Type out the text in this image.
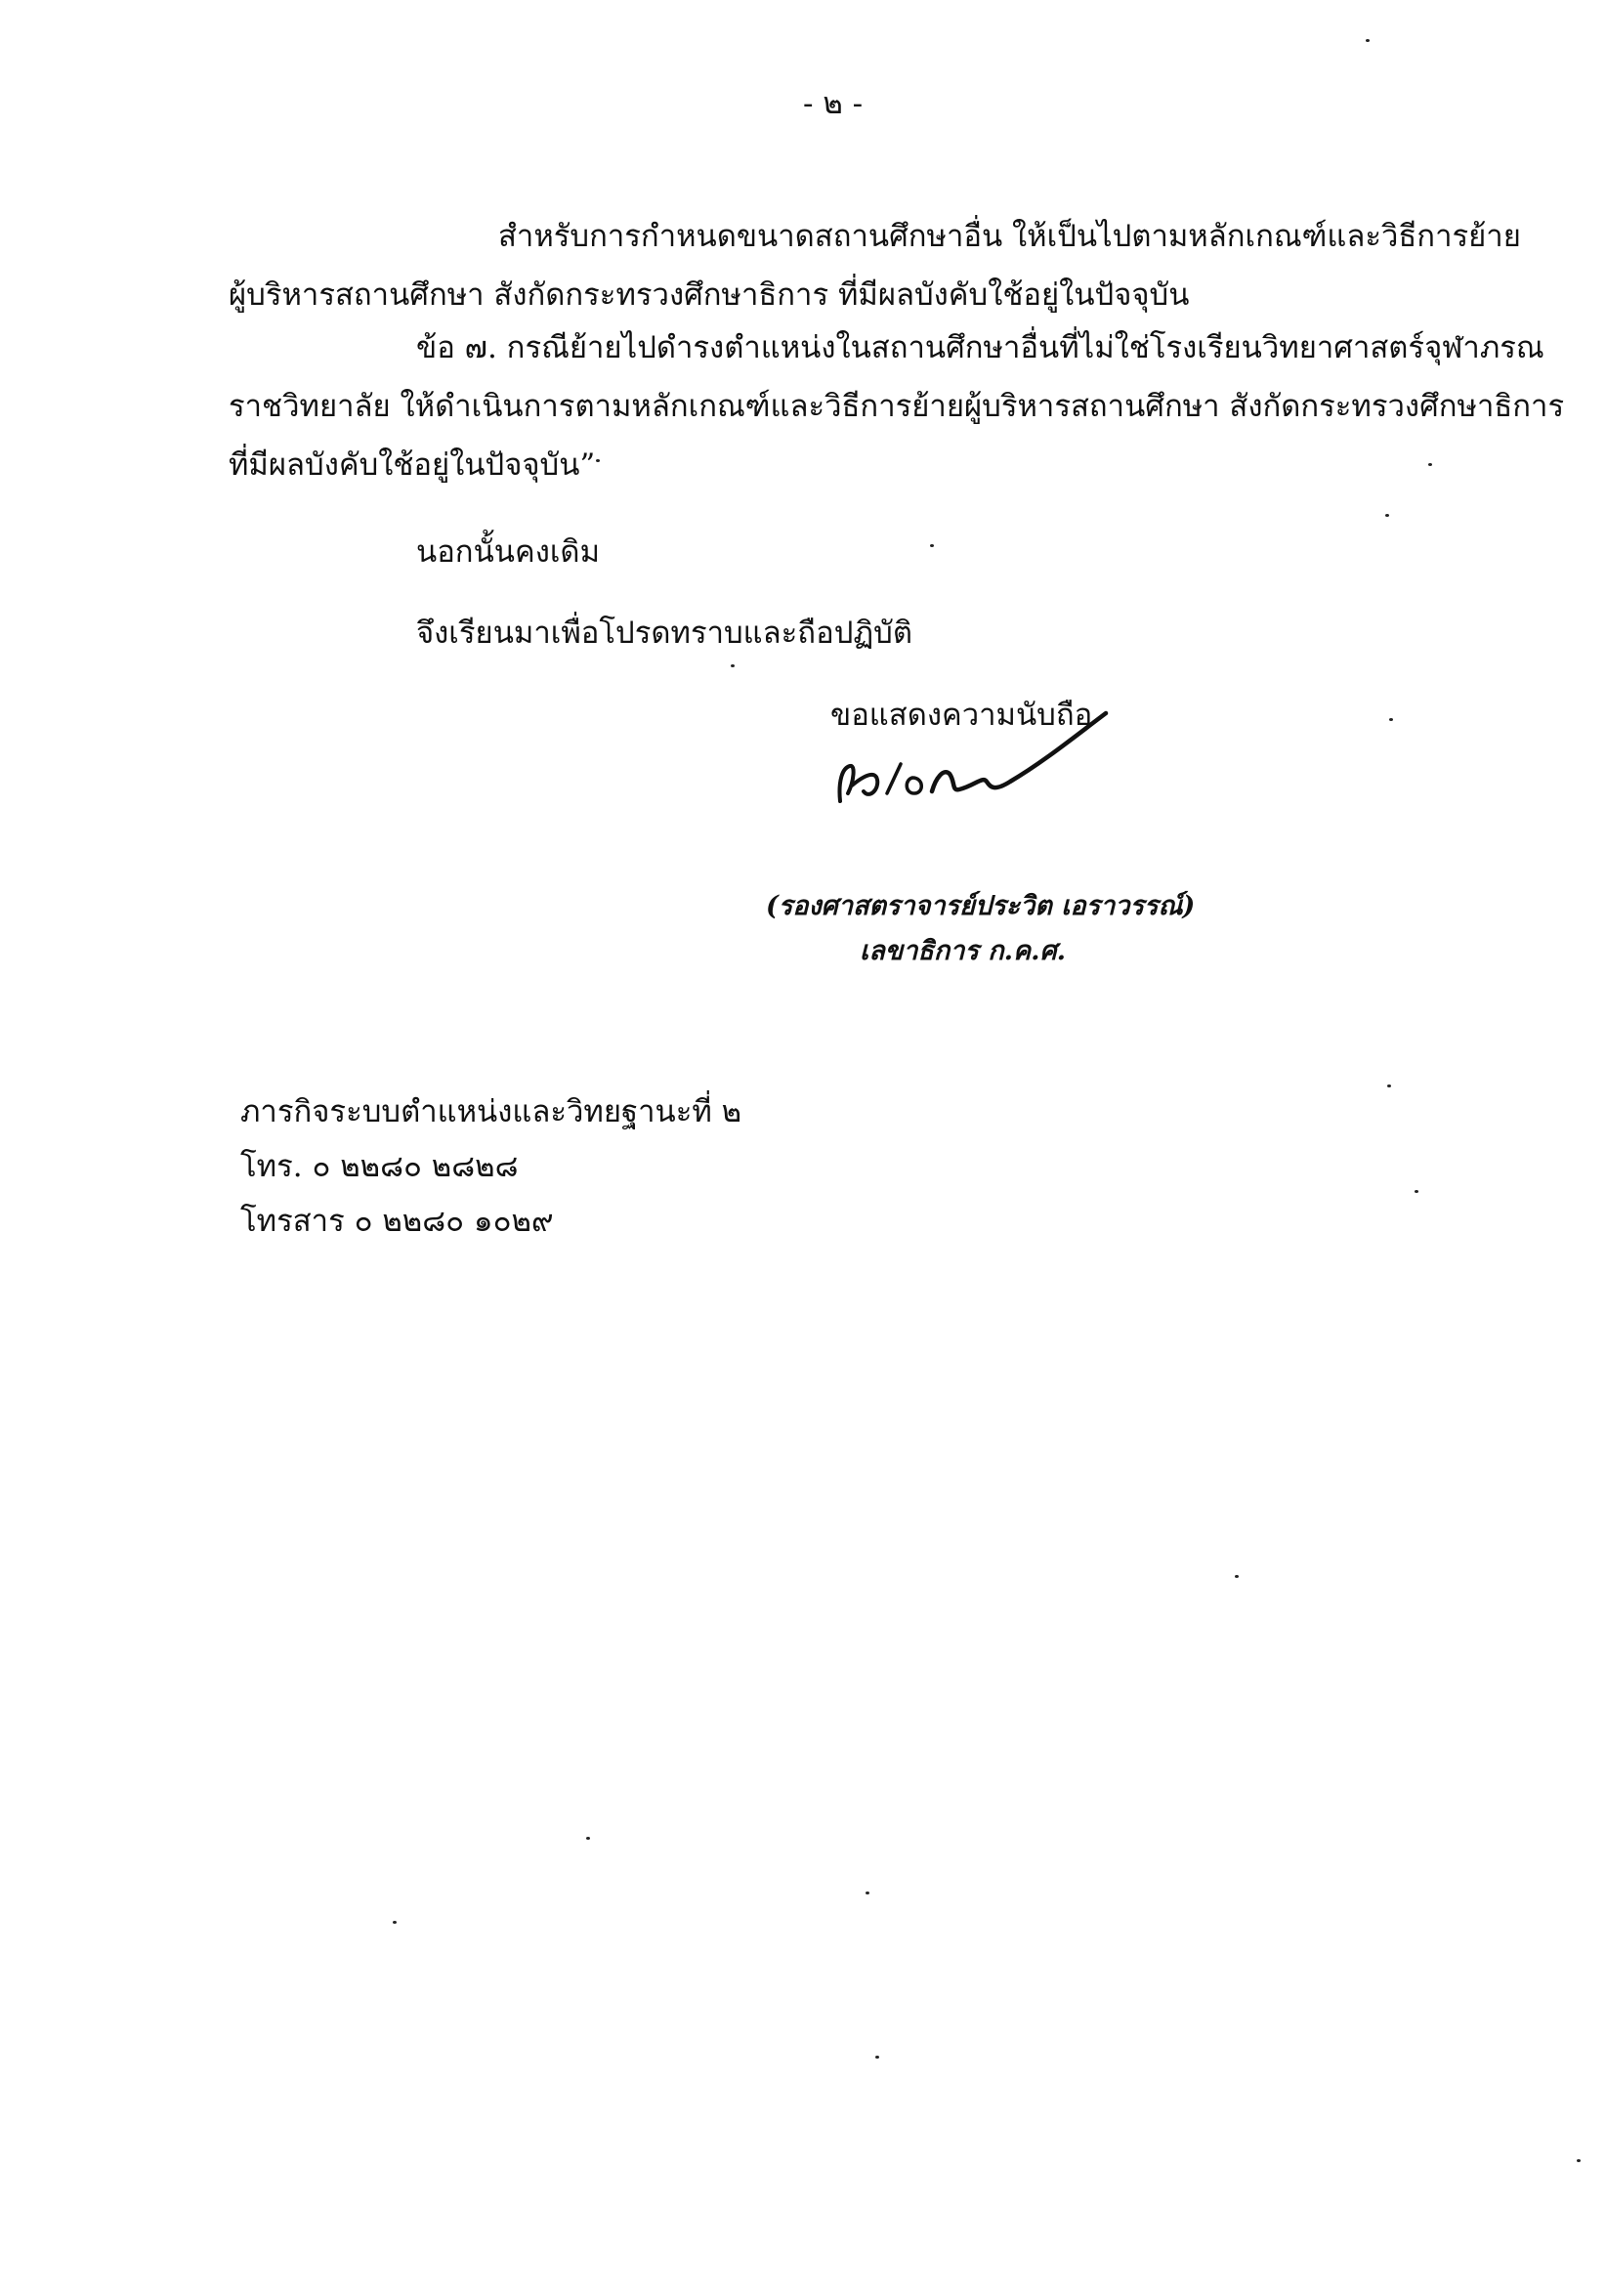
- ๒ -
สำหรับการกำหนดขนาดสถานศึกษาอื่น ให้เป็นไปตามหลักเกณฑ์และวิธีการย้าย
ผู้บริหารสถานศึกษา สังกัดกระทรวงศึกษาธิการ ที่มีผลบังคับใช้อยู่ในปัจจุบัน
ข้อ ๗. กรณีย้ายไปดำรงตำแหน่งในสถานศึกษาอื่นที่ไม่ใช่โรงเรียนวิทยาศาสตร์จุฬาภรณ
ราชวิทยาลัย ให้ดำเนินการตามหลักเกณฑ์และวิธีการย้ายผู้บริหารสถานศึกษา สังกัดกระทรวงศึกษาธิการ
ที่มีผลบังคับใช้อยู่ในปัจจุบัน”
นอกนั้นคงเดิม
จึงเรียนมาเพื่อโปรดทราบและถือปฏิบัติ
ขอแสดงความนับถือ
(รองศาสตราจารย์ประวิต เอราวรรณ์)
เลขาธิการ ก.ค.ศ.
ภารกิจระบบตำแหน่งและวิทยฐานะที่ ๒
โทร. ๐ ๒๒๘๐ ๒๘๒๘
โทรสาร ๐ ๒๒๘๐ ๑๐๒๙
